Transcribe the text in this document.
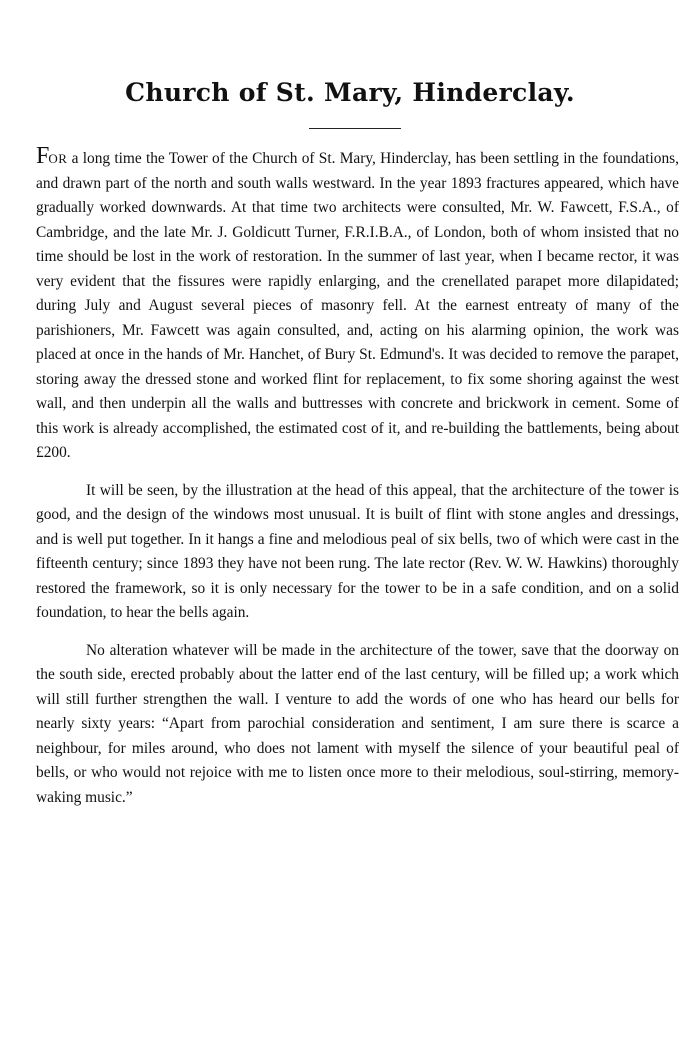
Church of St. Mary, Hinderclay.

FOR a long time the Tower of the Church of St. Mary, Hinderclay, has been settling in the foundations, and drawn part of the north and south walls westward. In the year 1893 fractures appeared, which have gradually worked downwards. At that time two architects were consulted, Mr. W. Fawcett, F.S.A., of Cambridge, and the late Mr. J. Goldicutt Turner, F.R.I.B.A., of London, both of whom insisted that no time should be lost in the work of restoration. In the summer of last year, when I became rector, it was very evident that the fissures were rapidly enlarging, and the crenellated parapet more dilapidated; during July and August several pieces of masonry fell. At the earnest entreaty of many of the parishioners, Mr. Fawcett was again consulted, and, acting on his alarming opinion, the work was placed at once in the hands of Mr. Hanchet, of Bury St. Edmund's. It was decided to remove the parapet, storing away the dressed stone and worked flint for replacement, to fix some shoring against the west wall, and then underpin all the walls and buttresses with concrete and brickwork in cement. Some of this work is already accomplished, the estimated cost of it, and re-building the battlements, being about £200.

It will be seen, by the illustration at the head of this appeal, that the architecture of the tower is good, and the design of the windows most unusual. It is built of flint with stone angles and dressings, and is well put together. In it hangs a fine and melodious peal of six bells, two of which were cast in the fifteenth century; since 1893 they have not been rung. The late rector (Rev. W. W. Hawkins) thoroughly restored the framework, so it is only necessary for the tower to be in a safe condition, and on a solid foundation, to hear the bells again.

No alteration whatever will be made in the architecture of the tower, save that the doorway on the south side, erected probably about the latter end of the last century, will be filled up; a work which will still further strengthen the wall. I venture to add the words of one who has heard our bells for nearly sixty years: “Apart from parochial consideration and sentiment, I am sure there is scarce a neighbour, for miles around, who does not lament with myself the silence of your beautiful peal of bells, or who would not rejoice with me to listen once more to their melodious, soul-stirring, memory-waking music.”
